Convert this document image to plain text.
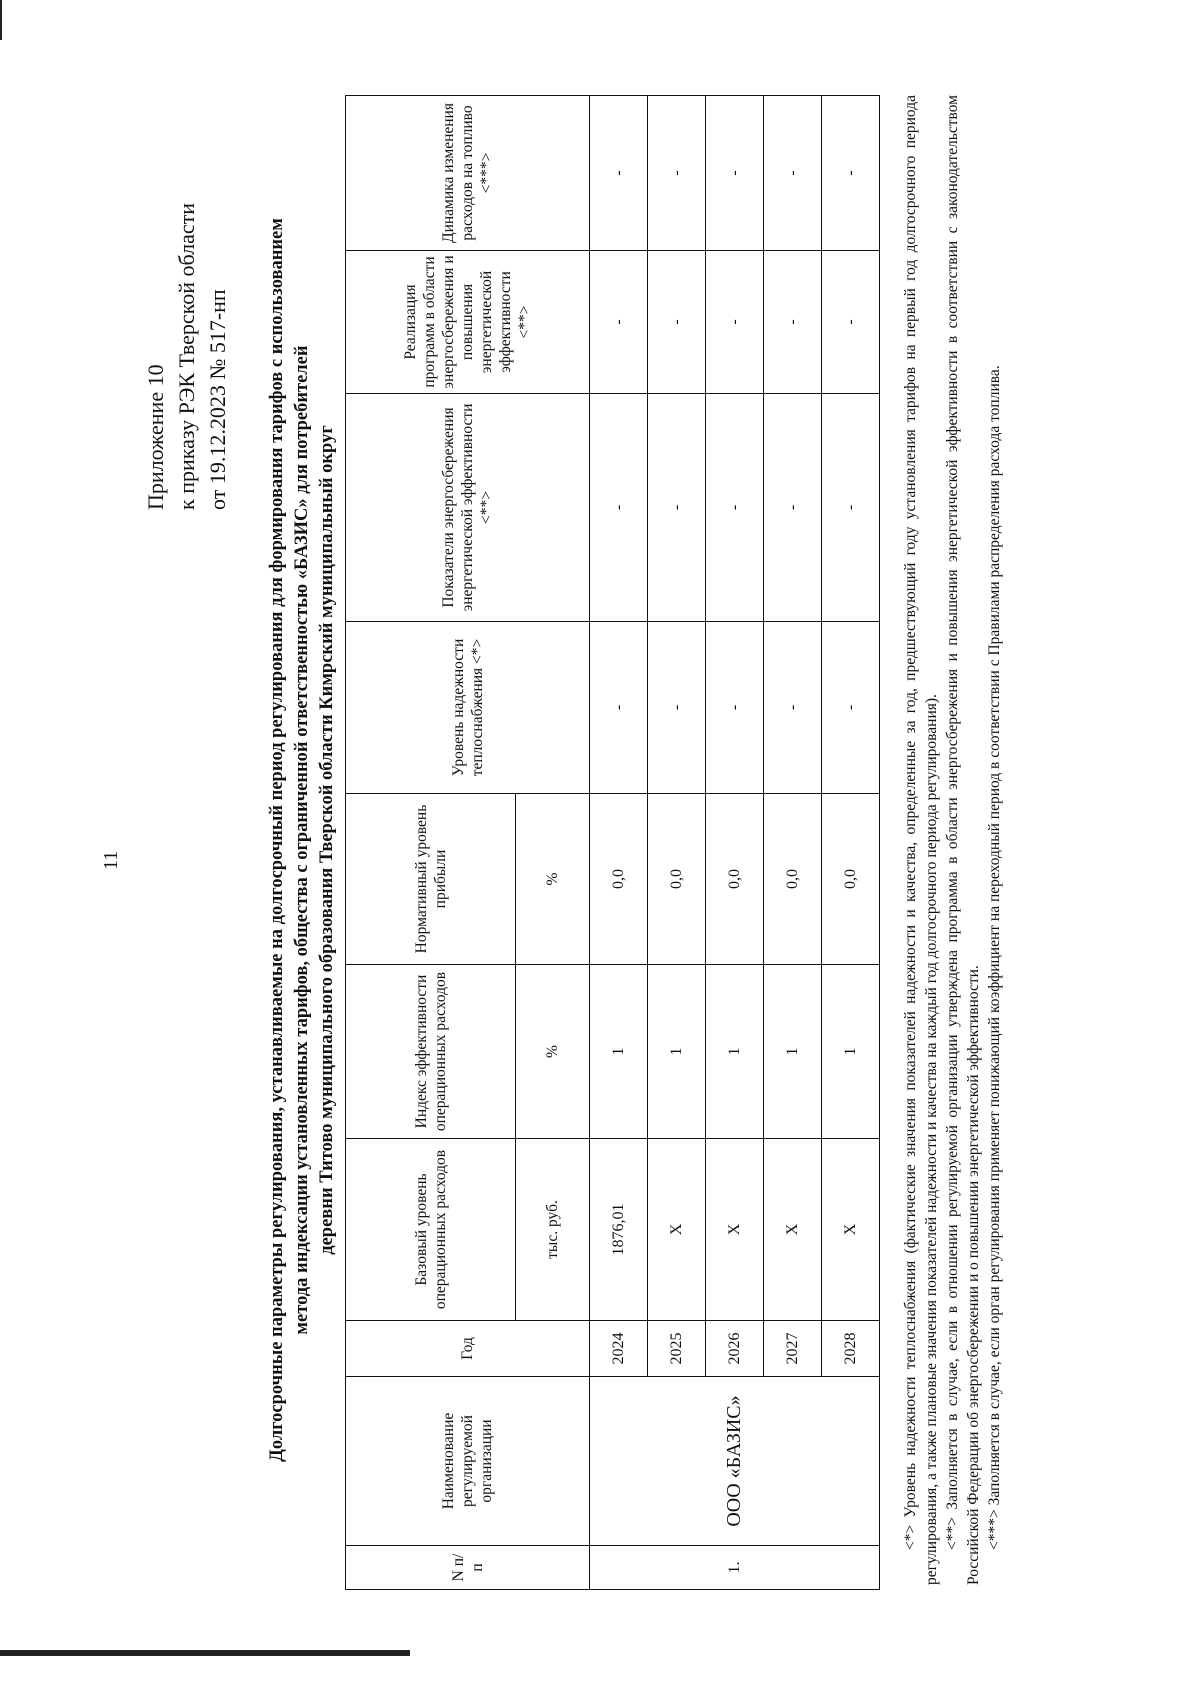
11
Приложение 10 к приказу РЭК Тверской области от 19.12.2023 № 517-нп Долгосрочные параметры регулирования, устанавливаемые на долгосрочный период регулирования для формирования тарифов с использованием метода индексации установленных тарифов, общества с ограниченной ответственностью «БАЗИС» для потребителей деревни Титово муниципального образования Тверской области Кимрский муниципальный округ
N п/п
Наименование регулируемой организации
Год
Базовый уровень операционных расходов
Индекс эффективности операционных расходов
Нормативный уровень прибыли
Уровень надежности теплоснабжения <*>
Показатели энергосбережения энергетической эффективности <**>
Реализация программ в области энергосбережения и повышения энергетической эффективности <**>
Динамика изменения расходов на топливо <***>
тыс. руб.
%
%
1.
ООО «БАЗИС»
2024
1876,01
1
0,0
-
-
-
-
2025
X
1
0,0
-
-
-
-
2026
X
1
0,0
-
-
-
-
2027
X
1
0,0
-
-
-
-
2028
X
1
0,0
-
-
-
-	<*> Уровень надежности теплоснабжения (фактические значения показателей надежности и качества, определенные за год, предшествующий году установления тарифов на первый год долгосрочного периода регулирования, а также плановые значения показателей надежности и качества на каждый год долгосрочного периода регулирования). <**> Заполняется в случае, если в отношении регулируемой организации утверждена программа в области энергосбережения и повышения энергетической эффективности в соответствии с законодательством Российской Федерации об энергосбережении и о повышении энергетической эффективности. <***> Заполняется в случае, если орган регулирования применяет понижающий коэффициент на переходный период в соответствии с Правилами распределения расхода топлива.
